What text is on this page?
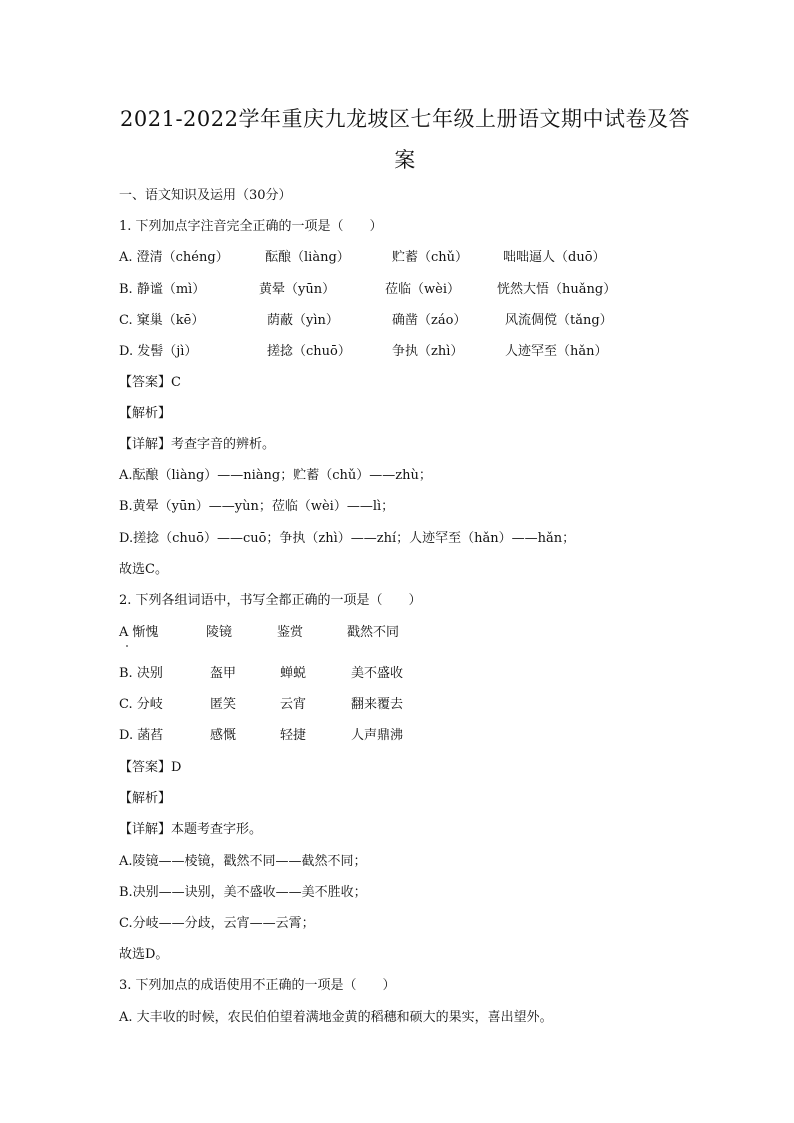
2021-2022学年重庆九龙坡区七年级上册语文期中试卷及答
案
一、语文知识及运用（30分）
1. 下列加点字注音完全正确的一项是（　　）
A. 澄清（chéng）	酝酿（liàng）	贮蓄（chǔ）	咄咄逼人（duō）
B. 静谧（mì）	黄晕（yūn）	莅临（wèi）	恍然大悟（huǎng）
C. 窠巢（kē）	荫蔽（yìn）	确凿（záo）	风流倜傥（tǎng）
D. 发髻（jì）	搓捻（chuō）	争执（zhì）	人迹罕至（hǎn）
【答案】C
【解析】
【详解】考查字音的辨析。
A.酝酿（liàng）——niàng；贮蓄（chǔ）——zhù；
B.黄晕（yūn）——yùn；莅临（wèi）——lì；
D.搓捻（chuō）——cuō；争执（zhì）——zhí；人迹罕至（hǎn）——hǎn；
故选C。
2. 下列各组词语中，书写全都正确的一项是（　　）
A 惭愧	陵镜	鉴赏	戳然不同
B. 决别	盔甲	蝉蜕	美不盛收
C. 分岐	匿笑	云宵	翻来覆去
D. 菡萏	感慨	轻捷	人声鼎沸
【答案】D
【解析】
【详解】本题考查字形。
A.陵镜——棱镜，戳然不同——截然不同；
B.决别——诀别，美不盛收——美不胜收；
C.分岐——分歧，云宵——云霄；
故选D。
3. 下列加点的成语使用不正确的一项是（　　）
A. 大丰收的时候，农民伯伯望着满地金黄的稻穗和硕大的果实，喜出望外。
